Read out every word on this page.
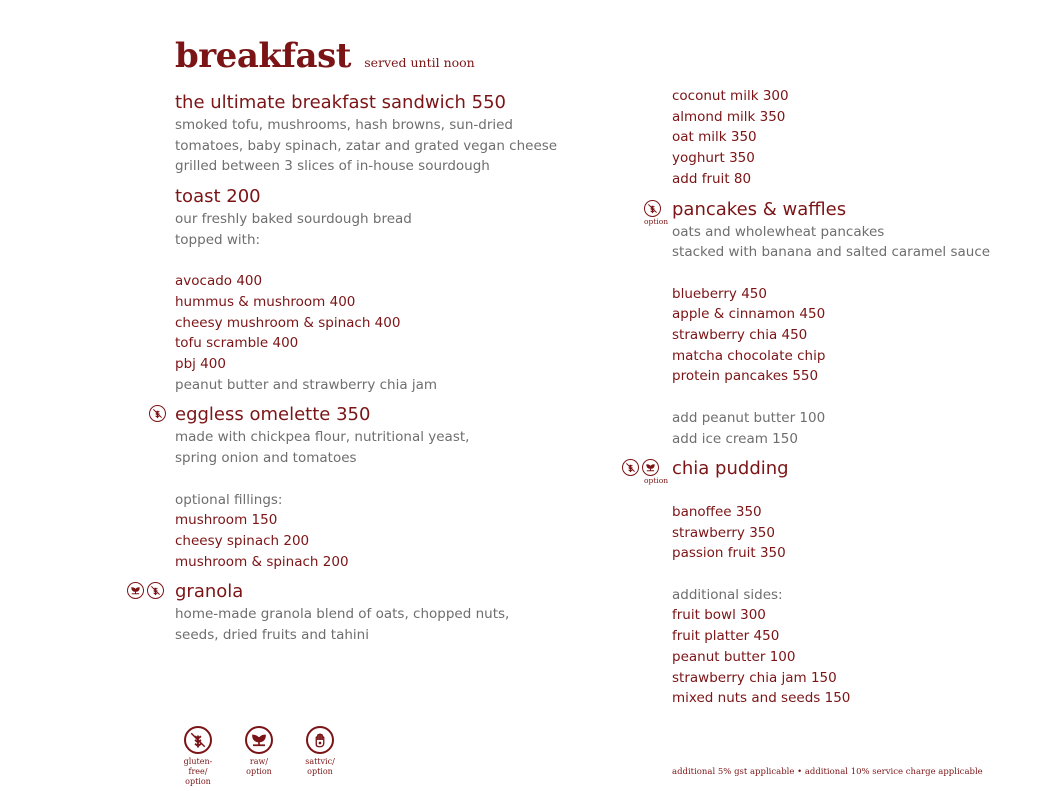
breakfast served until noon
the ultimate breakfast sandwich 550
smoked tofu, mushrooms, hash browns, sun-dried
tomatoes, baby spinach, zatar and grated vegan cheese
grilled between 3 slices of in-house sourdough
toast 200
our freshly baked sourdough bread
topped with:
avocado 400
hummus & mushroom 400
cheesy mushroom & spinach 400
tofu scramble 400
pbj 400
peanut butter and strawberry chia jam
eggless omelette 350
made with chickpea flour, nutritional yeast,
spring onion and tomatoes
optional fillings:
mushroom 150
cheesy spinach 200
mushroom & spinach 200
granola
home-made granola blend of oats, chopped nuts,
seeds, dried fruits and tahini
coconut milk 300
almond milk 350
oat milk 350
yoghurt 350
add fruit 80
option
pancakes & waffles
oats and wholewheat pancakes
stacked with banana and salted caramel sauce
blueberry 450
apple & cinnamon 450
strawberry chia 450
matcha chocolate chip
protein pancakes 550
add peanut butter 100
add ice cream 150
option
chia pudding
banoffee 350
strawberry 350
passion fruit 350
additional sides:
fruit bowl 300
fruit platter 450
peanut butter 100
strawberry chia jam 150
mixed nuts and seeds 150
gluten-free/
option
raw/
option
sattvic/
option	additional 5% gst applicable • additional 10% service charge applicable
